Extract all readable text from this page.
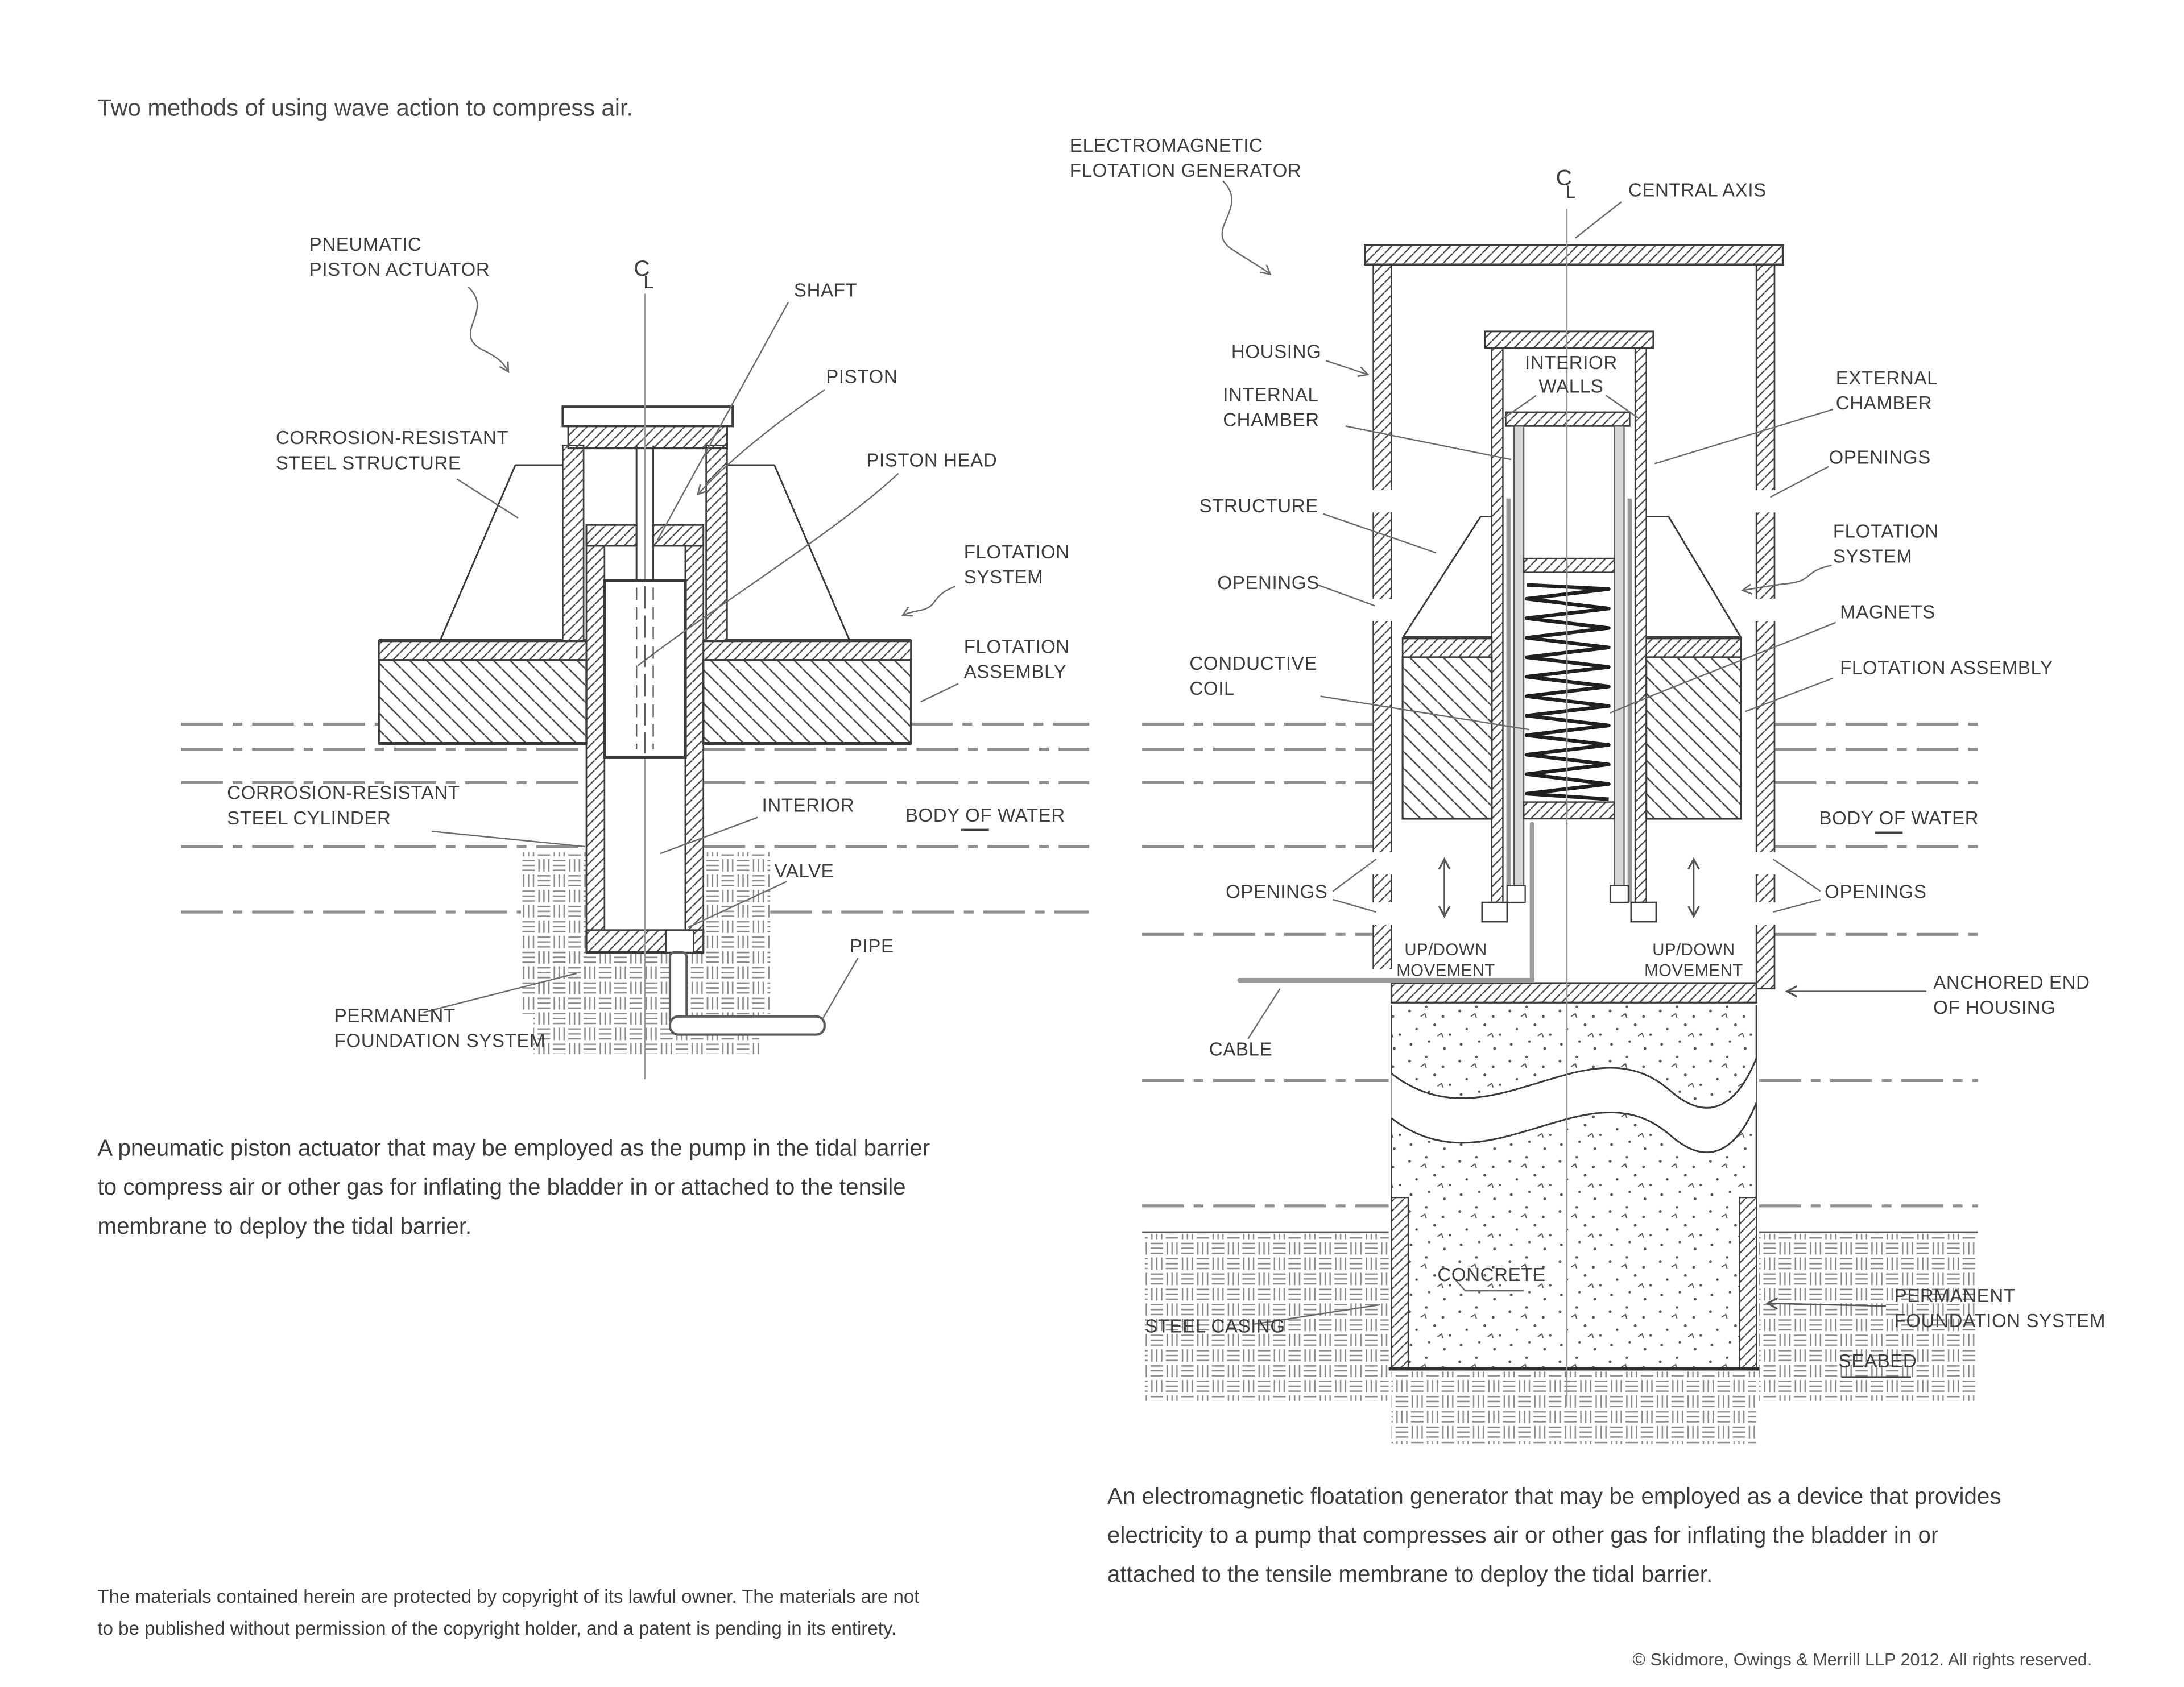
Two methods of using wave action to compress air.
C
L
PNEUMATIC
PISTON ACTUATOR
SHAFT
PISTON
CORROSION-RESISTANT
STEEL STRUCTURE	PISTON HEAD
FLOTATION
SYSTEM
FLOTATION
ASSEMBLY
CORROSION-RESISTANT
STEEL CYLINDER
INTERIOR	BODY OF WATER
VALVE
PIPE
PERMANENT
FOUNDATION SYSTEM
C
L
ELECTROMAGNETIC
FLOTATION GENERATOR
CENTRAL AXIS
HOUSING
INTERIOR
WALLS
INTERNAL
CHAMBER
EXTERNAL
CHAMBER
OPENINGS
STRUCTURE
FLOTATION
SYSTEM
OPENINGS
MAGNETS
CONDUCTIVE
COIL
FLOTATION ASSEMBLY
BODY OF WATER
OPENINGS	OPENINGS
UP/DOWN
MOVEMENT
UP/DOWN
MOVEMENT
ANCHORED END
OF HOUSING
CABLE
CONCRETE
STEEL CASING
PERMANENT
FOUNDATION SYSTEM
SEABED
A pneumatic piston actuator that may be employed as the pump in the tidal barrier
to compress air or other gas for inflating the bladder in or attached to the tensile
membrane to deploy the tidal barrier.
An electromagnetic floatation generator that may be employed as a device that provides
electricity to a pump that compresses air or other gas for inflating the bladder in or
attached to the tensile membrane to deploy the tidal barrier.
The materials contained herein are protected by copyright of its lawful owner. The materials are not
to be published without permission of the copyright holder, and a patent is pending in its entirety.
© Skidmore, Owings & Merrill LLP 2012. All rights reserved.
